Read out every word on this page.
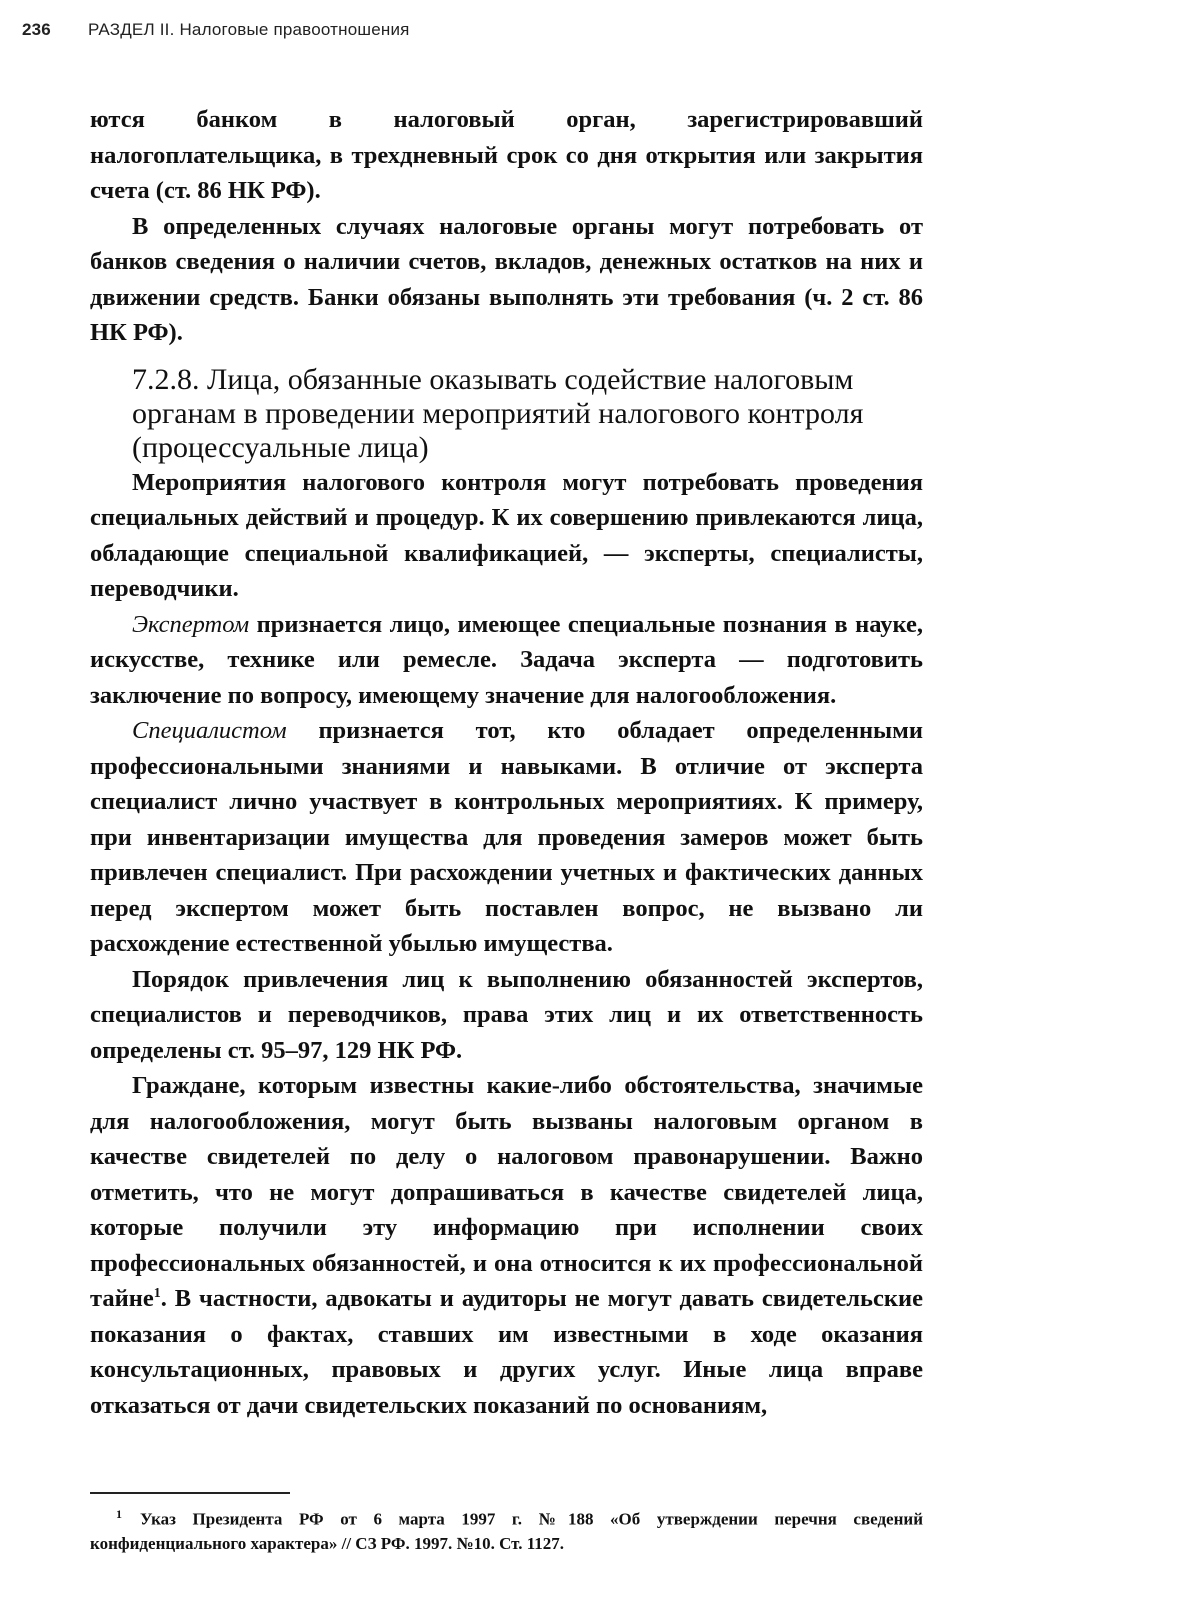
236 РАЗДЕЛ II. Налоговые правоотношения

ются банком в налоговый орган, зарегистрировавший налогоплательщика, в трехдневный срок со дня открытия или закрытия счета (ст. 86 НК РФ).

В определенных случаях налоговые органы могут потребовать от банков сведения о наличии счетов, вкладов, денежных остатков на них и движении средств. Банки обязаны выполнять эти требования (ч. 2 ст. 86 НК РФ).

7.2.8. Лица, обязанные оказывать содействие налоговым органам в проведении мероприятий налогового контроля (процессуальные лица)

Мероприятия налогового контроля могут потребовать проведения специальных действий и процедур. К их совершению привлекаются лица, обладающие специальной квалификацией, — эксперты, специалисты, переводчики.

Экспертом признается лицо, имеющее специальные познания в науке, искусстве, технике или ремесле. Задача эксперта — подготовить заключение по вопросу, имеющему значение для налогообложения.

Специалистом признается тот, кто обладает определенными профессиональными знаниями и навыками. В отличие от эксперта специалист лично участвует в контрольных мероприятиях. К примеру, при инвентаризации имущества для проведения замеров может быть привлечен специалист. При расхождении учетных и фактических данных перед экспертом может быть поставлен вопрос, не вызвано ли расхождение естественной убылью имущества.

Порядок привлечения лиц к выполнению обязанностей экспертов, специалистов и переводчиков, права этих лиц и их ответственность определены ст. 95–97, 129 НК РФ.

Граждане, которым известны какие-либо обстоятельства, значимые для налогообложения, могут быть вызваны налоговым органом в качестве свидетелей по делу о налоговом правонарушении. Важно отметить, что не могут допрашиваться в качестве свидетелей лица, которые получили эту информацию при исполнении своих профессиональных обязанностей, и она относится к их профессиональной тайне$^1$. В частности, адвокаты и аудиторы не могут давать свидетельские показания о фактах, ставших им известными в ходе оказания консультационных, правовых и других услуг. Иные лица вправе отказаться от дачи свидетельских показаний по основаниям,

$^1$ Указ Президента РФ от 6 марта 1997 г. №188 «Об утверждении перечня сведений конфиденциального характера» // СЗ РФ. 1997. №10. Ст. 1127.
